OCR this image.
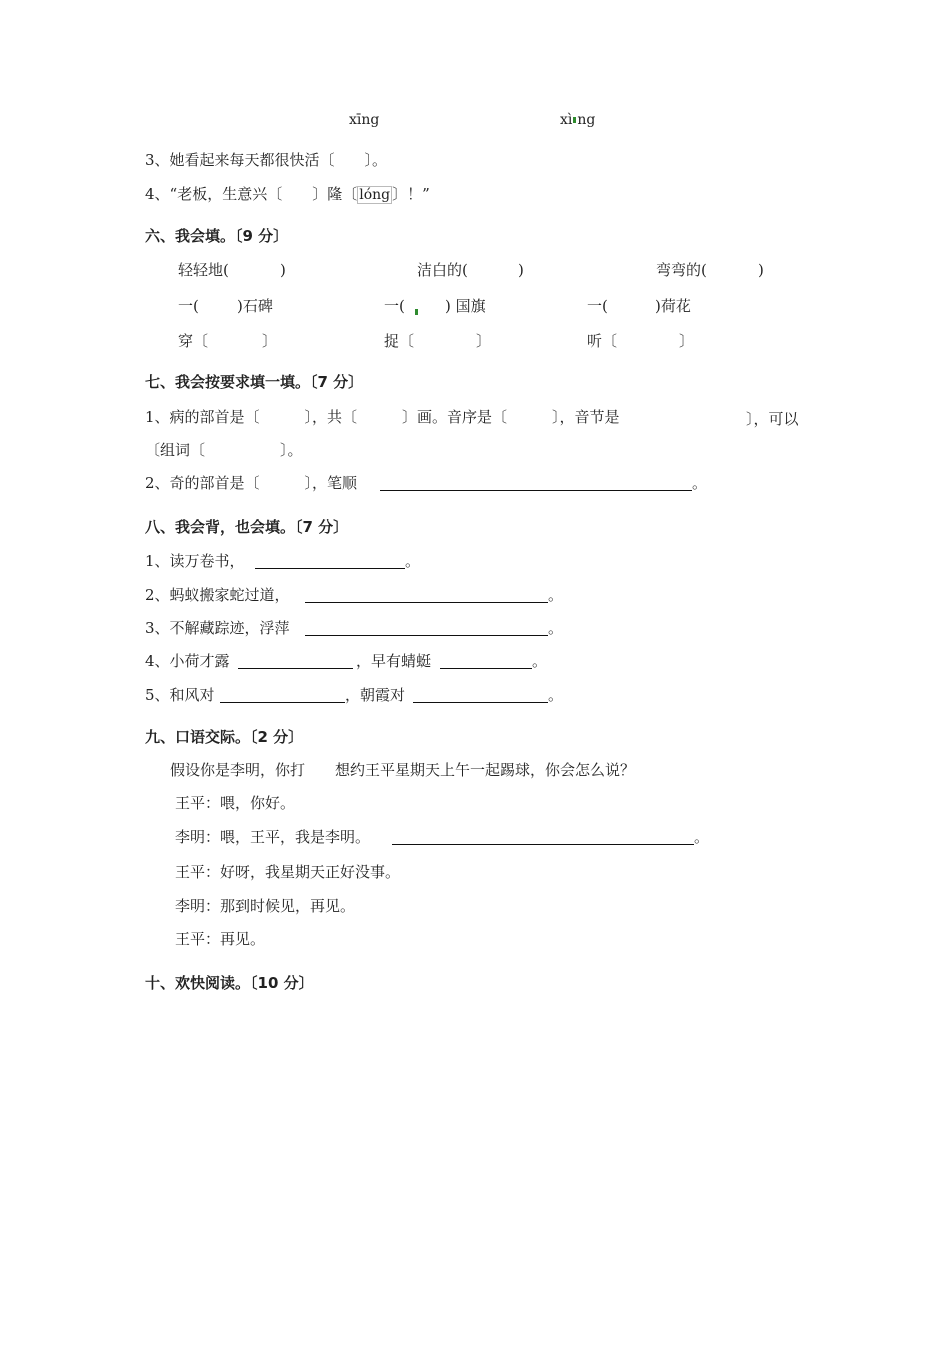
xīng	xì ng
3、她看起来每天都很快活〔　　〕。
4、“老板，生意兴〔　　〕隆〔 lóng 〕！”
六、我会填。〔9 分〕
轻轻地(	)	洁白的(	)	弯弯的(	)
一(	)石碑	一(	) 国旗	一(	)荷花
穿〔	〕	捉〔	〕	听〔	〕
七、我会按要求填一填。〔7 分〕
1、病的部首是〔　　　〕，共〔　　　〕画。音序是〔　　　〕，音节是	〕，可以
〔组词〔　　　　　〕。
2、奇的部首是〔　　　〕，笔顺	。
八、我会背，也会填。〔7 分〕
1、读万卷书，	。
2、蚂蚁搬家蛇过道，	。
3、不解藏踪迹，浮萍	。
4、小荷才露	，早有蜻蜓	。
5、和风对	，朝霞对	。
九、口语交际。〔2 分〕
假设你是李明，你打　　想约王平星期天上午一起踢球，你会怎么说？
王平：喂，你好。
李明：喂，王平，我是李明。	。
王平：好呀，我星期天正好没事。
李明：那到时候见，再见。
王平：再见。
十、欢快阅读。〔10 分〕
